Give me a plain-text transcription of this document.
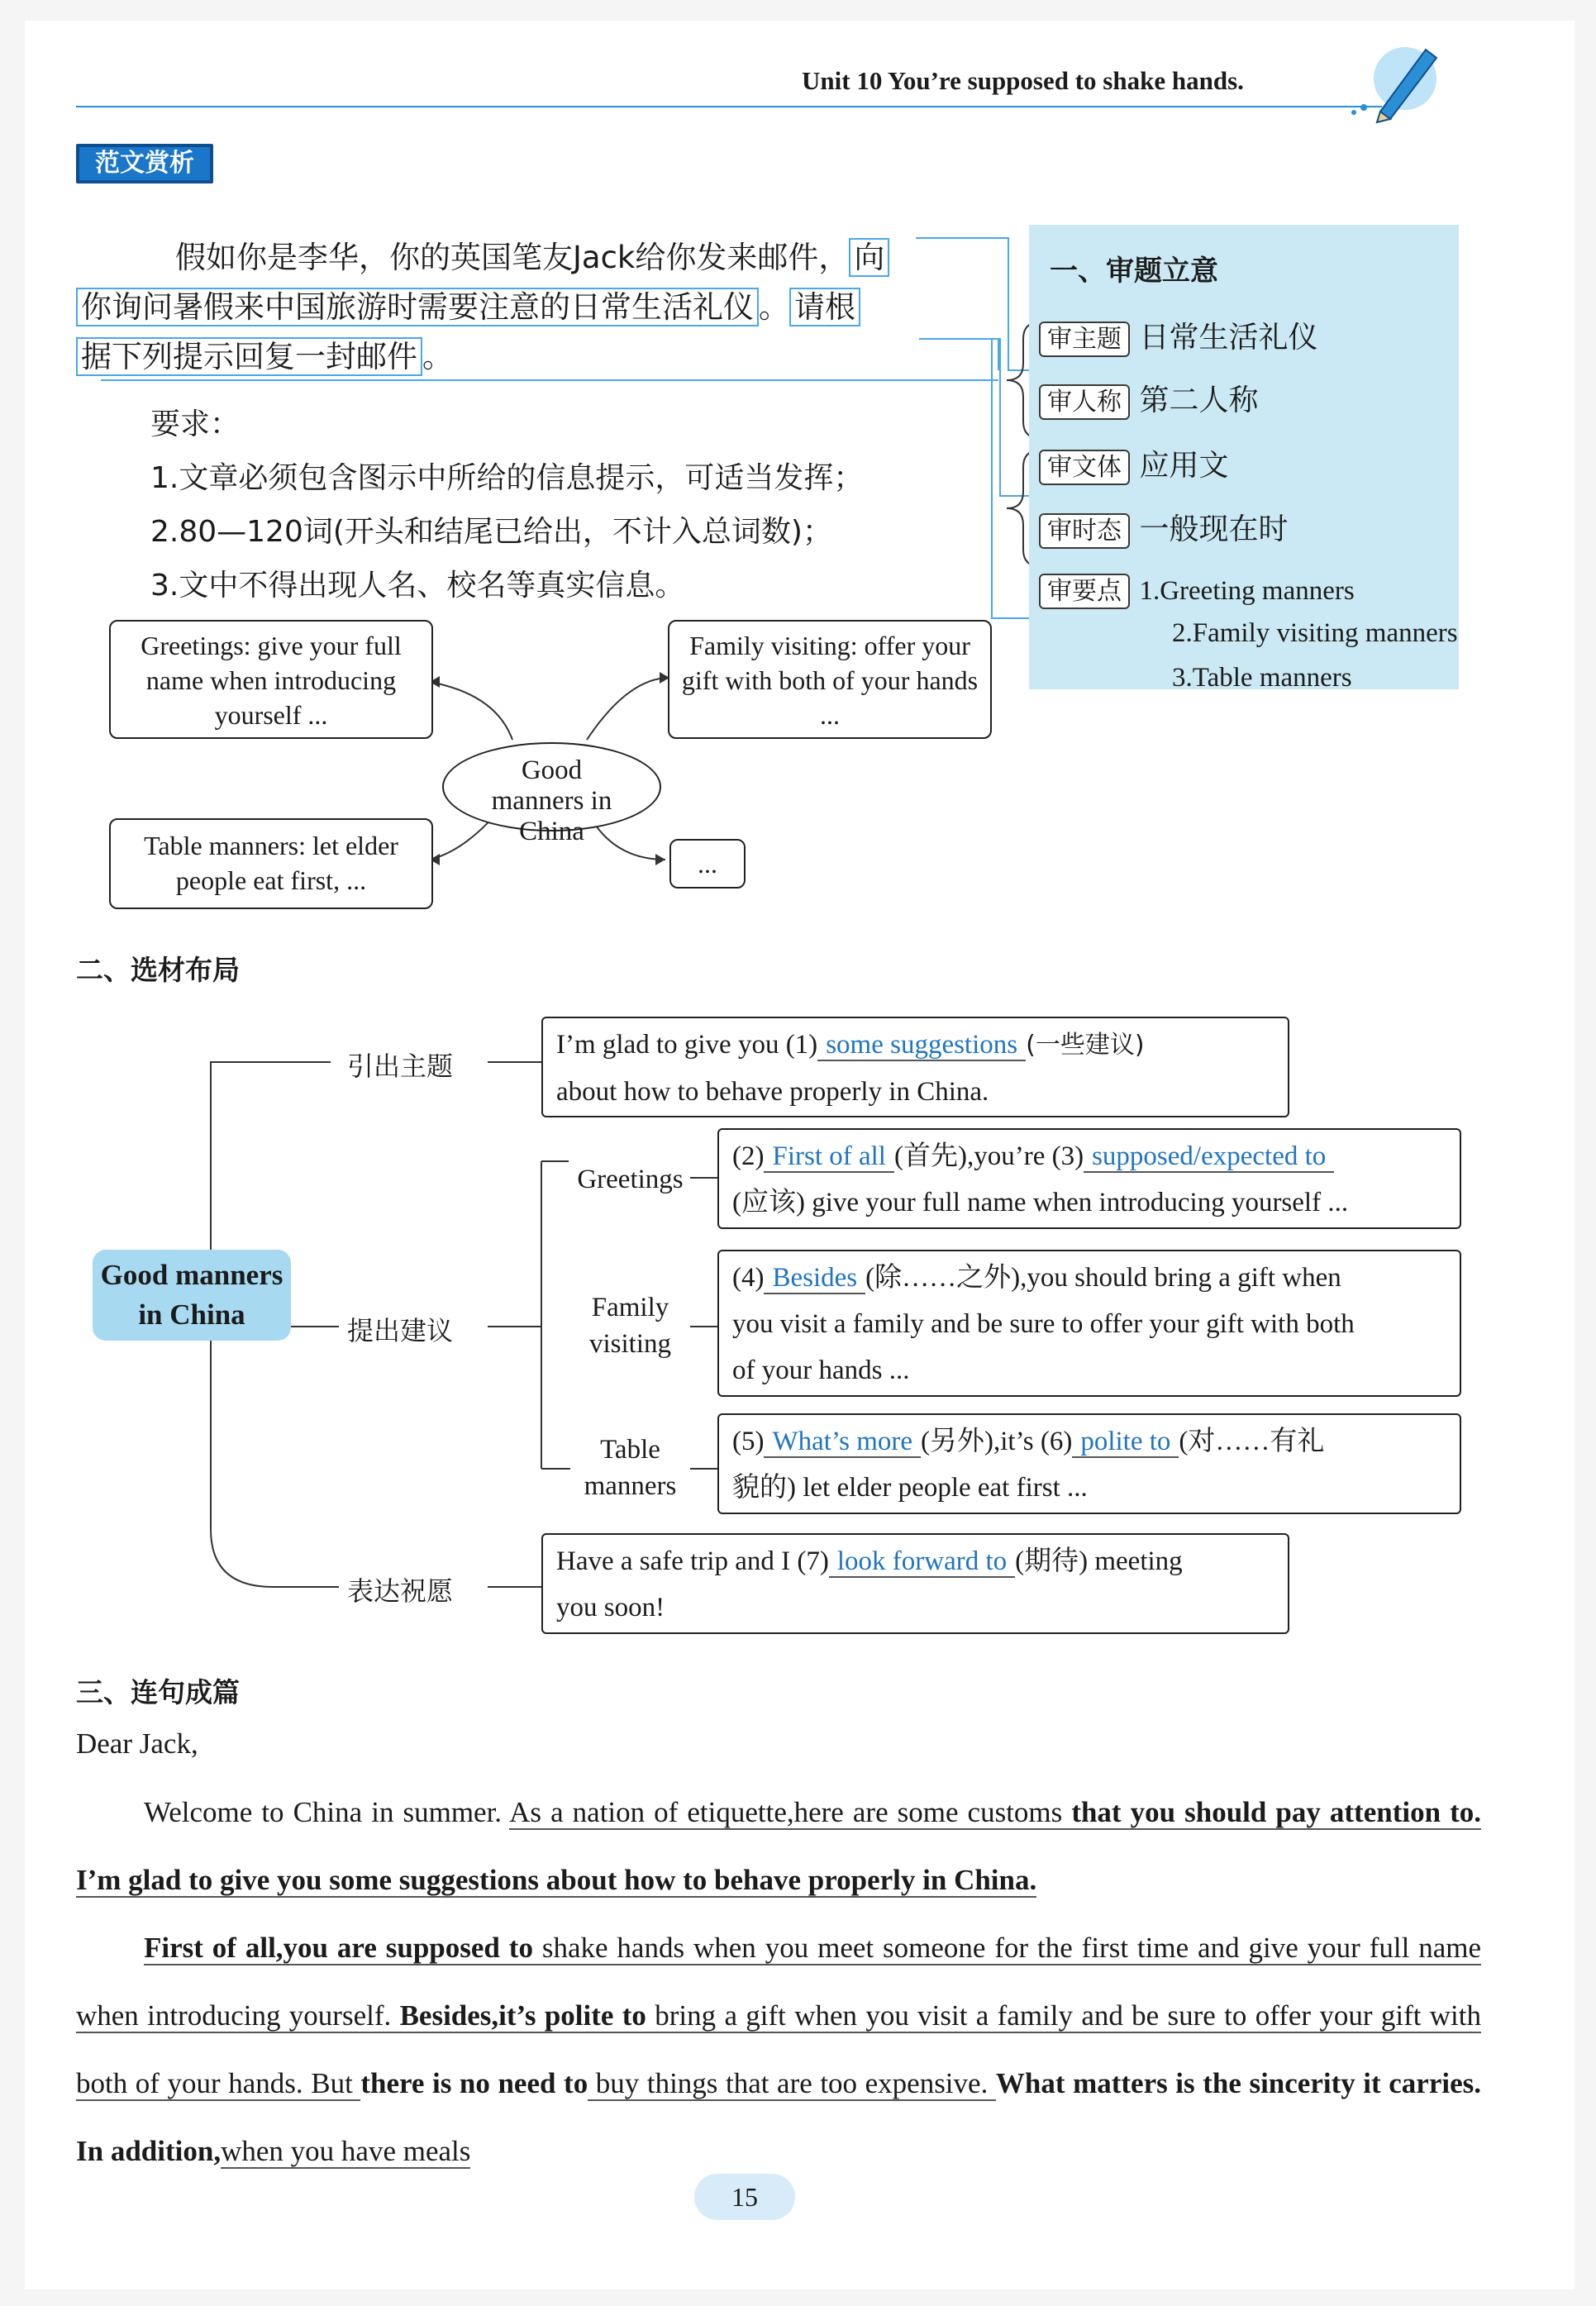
Unit 10 You’re supposed to shake hands.
范文赏析
假如你是李华，你的英国笔友Jack给你发来邮件， 向
你询问暑假来中国旅游时需要注意的日常生活礼仪 。 请根
据下列提示回复一封邮件 。
要求：
1.文章必须包含图示中所给的信息提示，可适当发挥；
2.80—120词(开头和结尾已给出，不计入总词数)；
3.文中不得出现人名、校名等真实信息。
一、审题立意
审主题 日常生活礼仪
审人称 第二人称
审文体 应用文
审时态 一般现在时
审要点 1.Greeting manners
2.Family visiting manners
3.Table manners
Greetings: give your full name when introducing yourself ...
Family visiting: offer your gift with both of your hands ...
Good manners in China
Table manners: let elder people eat first, ...
...
二、选材布局
Good manners in China
引出主题
提出建议
表达祝愿
Greetings
Family visiting
Table manners
I’m glad to give you (1) some suggestions (一些建议)
about how to behave properly in China.
(2) First of all (首先),you’re (3) supposed/expected to
(应该) give your full name when introducing yourself ...
(4) Besides (除……之外),you should bring a gift when
you visit a family and be sure to offer your gift with both
of your hands ...
(5) What’s more (另外),it’s (6) polite to (对……有礼
貌的) let elder people eat first ...
Have a safe trip and I (7) look forward to (期待) meeting
you soon!
三、连句成篇
Dear Jack,
Welcome to China in summer. As a nation of etiquette,here are some customs that you should pay attention to. I’m glad to give you some suggestions about how to behave properly in China.
First of all,you are supposed to shake hands when you meet someone for the first time and give your full name when introducing yourself. Besides,it’s polite to bring a gift when you visit a family and be sure to offer your gift with both of your hands. But there is no need to buy things that are too expensive. What matters is the sincerity it carries. In addition,when you have meals
15
